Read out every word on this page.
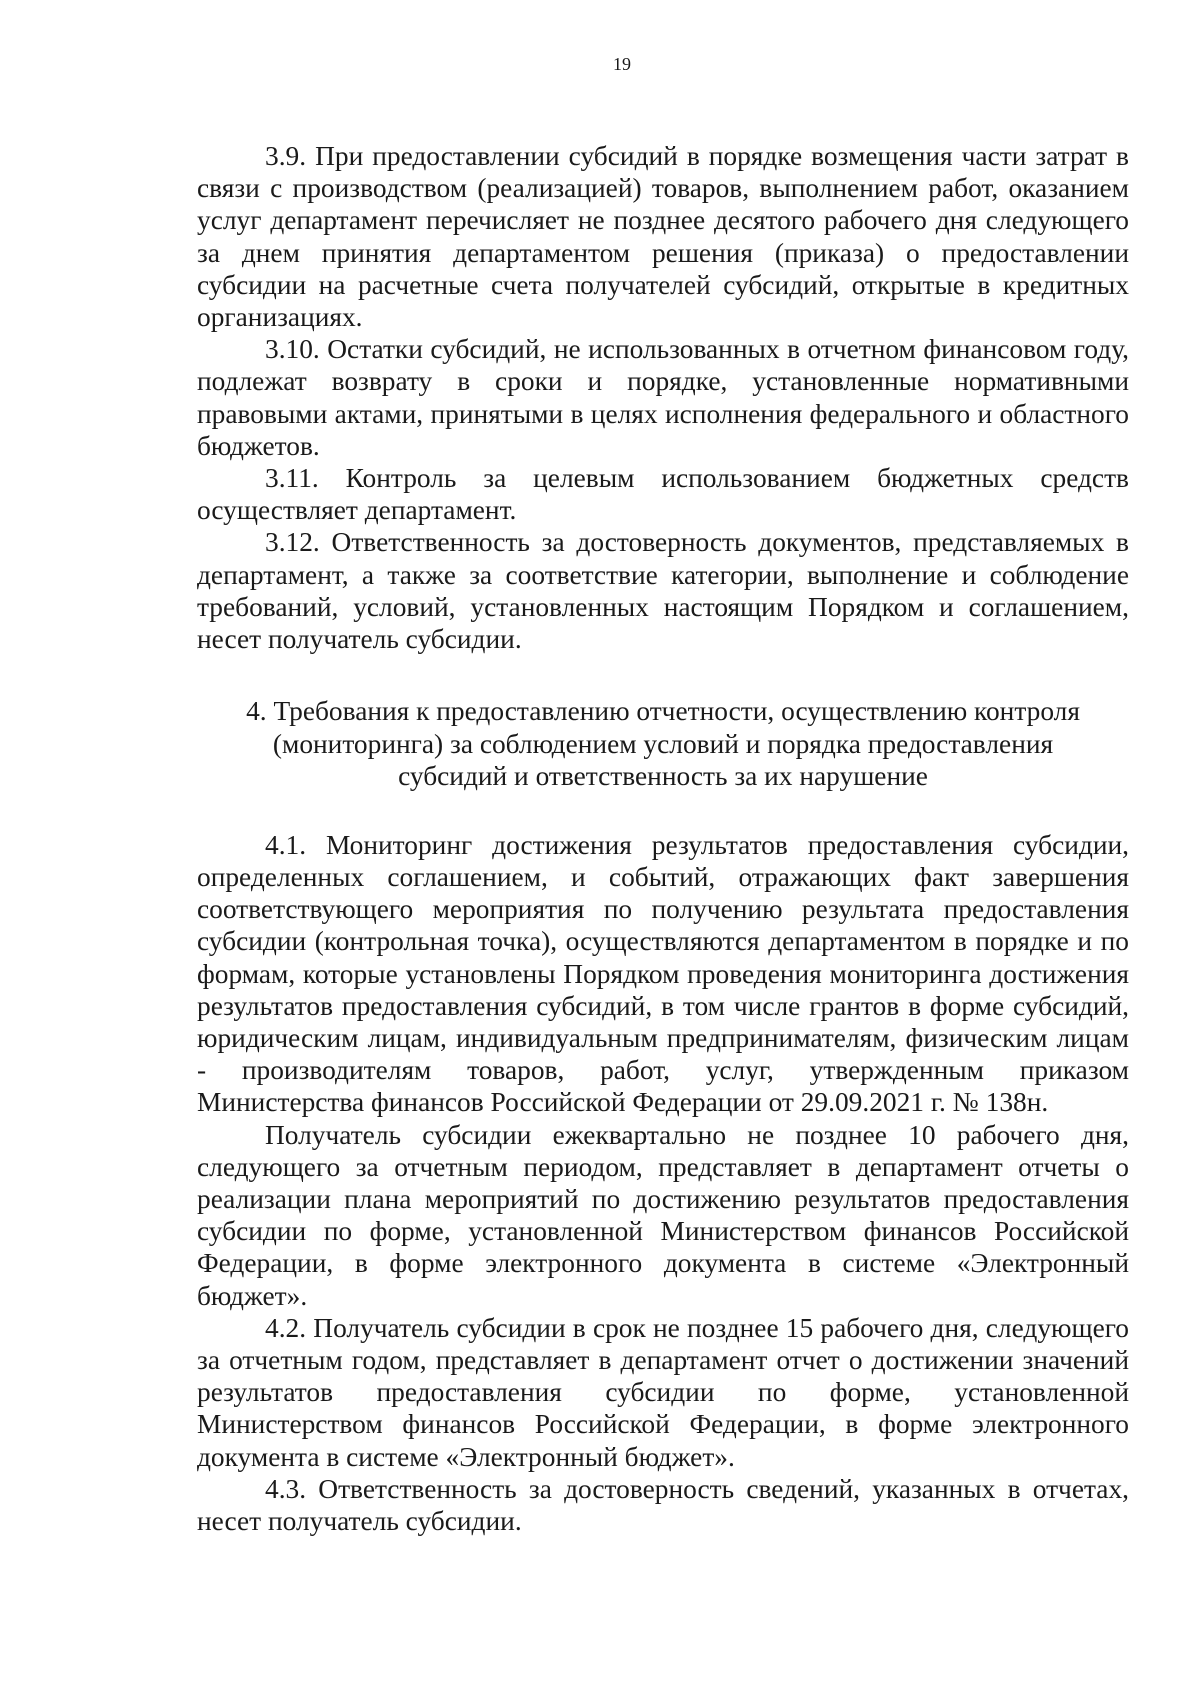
19

3.9. При предоставлении субсидий в порядке возмещения части затрат в связи с производством (реализацией) товаров, выполнением работ, оказанием услуг департамент перечисляет не позднее десятого рабочего дня следующего за днем принятия департаментом решения (приказа) о предоставлении субсидии на расчетные счета получателей субсидий, открытые в кредитных организациях.

3.10. Остатки субсидий, не использованных в отчетном финансовом году, подлежат возврату в сроки и порядке, установленные нормативными правовыми актами, принятыми в целях исполнения федерального и областного бюджетов.

3.11. Контроль за целевым использованием бюджетных средств осуществляет департамент.

3.12. Ответственность за достоверность документов, представляемых в департамент, а также за соответствие категории, выполнение и соблюдение требований, условий, установленных настоящим Порядком и соглашением, несет получатель субсидии.

4. Требования к предоставлению отчетности, осуществлению контроля (мониторинга) за соблюдением условий и порядка предоставления субсидий и ответственность за их нарушение

4.1. Мониторинг достижения результатов предоставления субсидии, определенных соглашением, и событий, отражающих факт завершения соответствующего мероприятия по получению результата предоставления субсидии (контрольная точка), осуществляются департаментом в порядке и по формам, которые установлены Порядком проведения мониторинга достижения результатов предоставления субсидий, в том числе грантов в форме субсидий, юридическим лицам, индивидуальным предпринимателям, физическим лицам - производителям товаров, работ, услуг, утвержденным приказом Министерства финансов Российской Федерации от 29.09.2021 г. № 138н.

Получатель субсидии ежеквартально не позднее 10 рабочего дня, следующего за отчетным периодом, представляет в департамент отчеты о реализации плана мероприятий по достижению результатов предоставления субсидии по форме, установленной Министерством финансов Российской Федерации, в форме электронного документа в системе «Электронный бюджет».

4.2. Получатель субсидии в срок не позднее 15 рабочего дня, следующего за отчетным годом, представляет в департамент отчет о достижении значений результатов предоставления субсидии по форме, установленной Министерством финансов Российской Федерации, в форме электронного документа в системе «Электронный бюджет».

4.3. Ответственность за достоверность сведений, указанных в отчетах, несет получатель субсидии.
